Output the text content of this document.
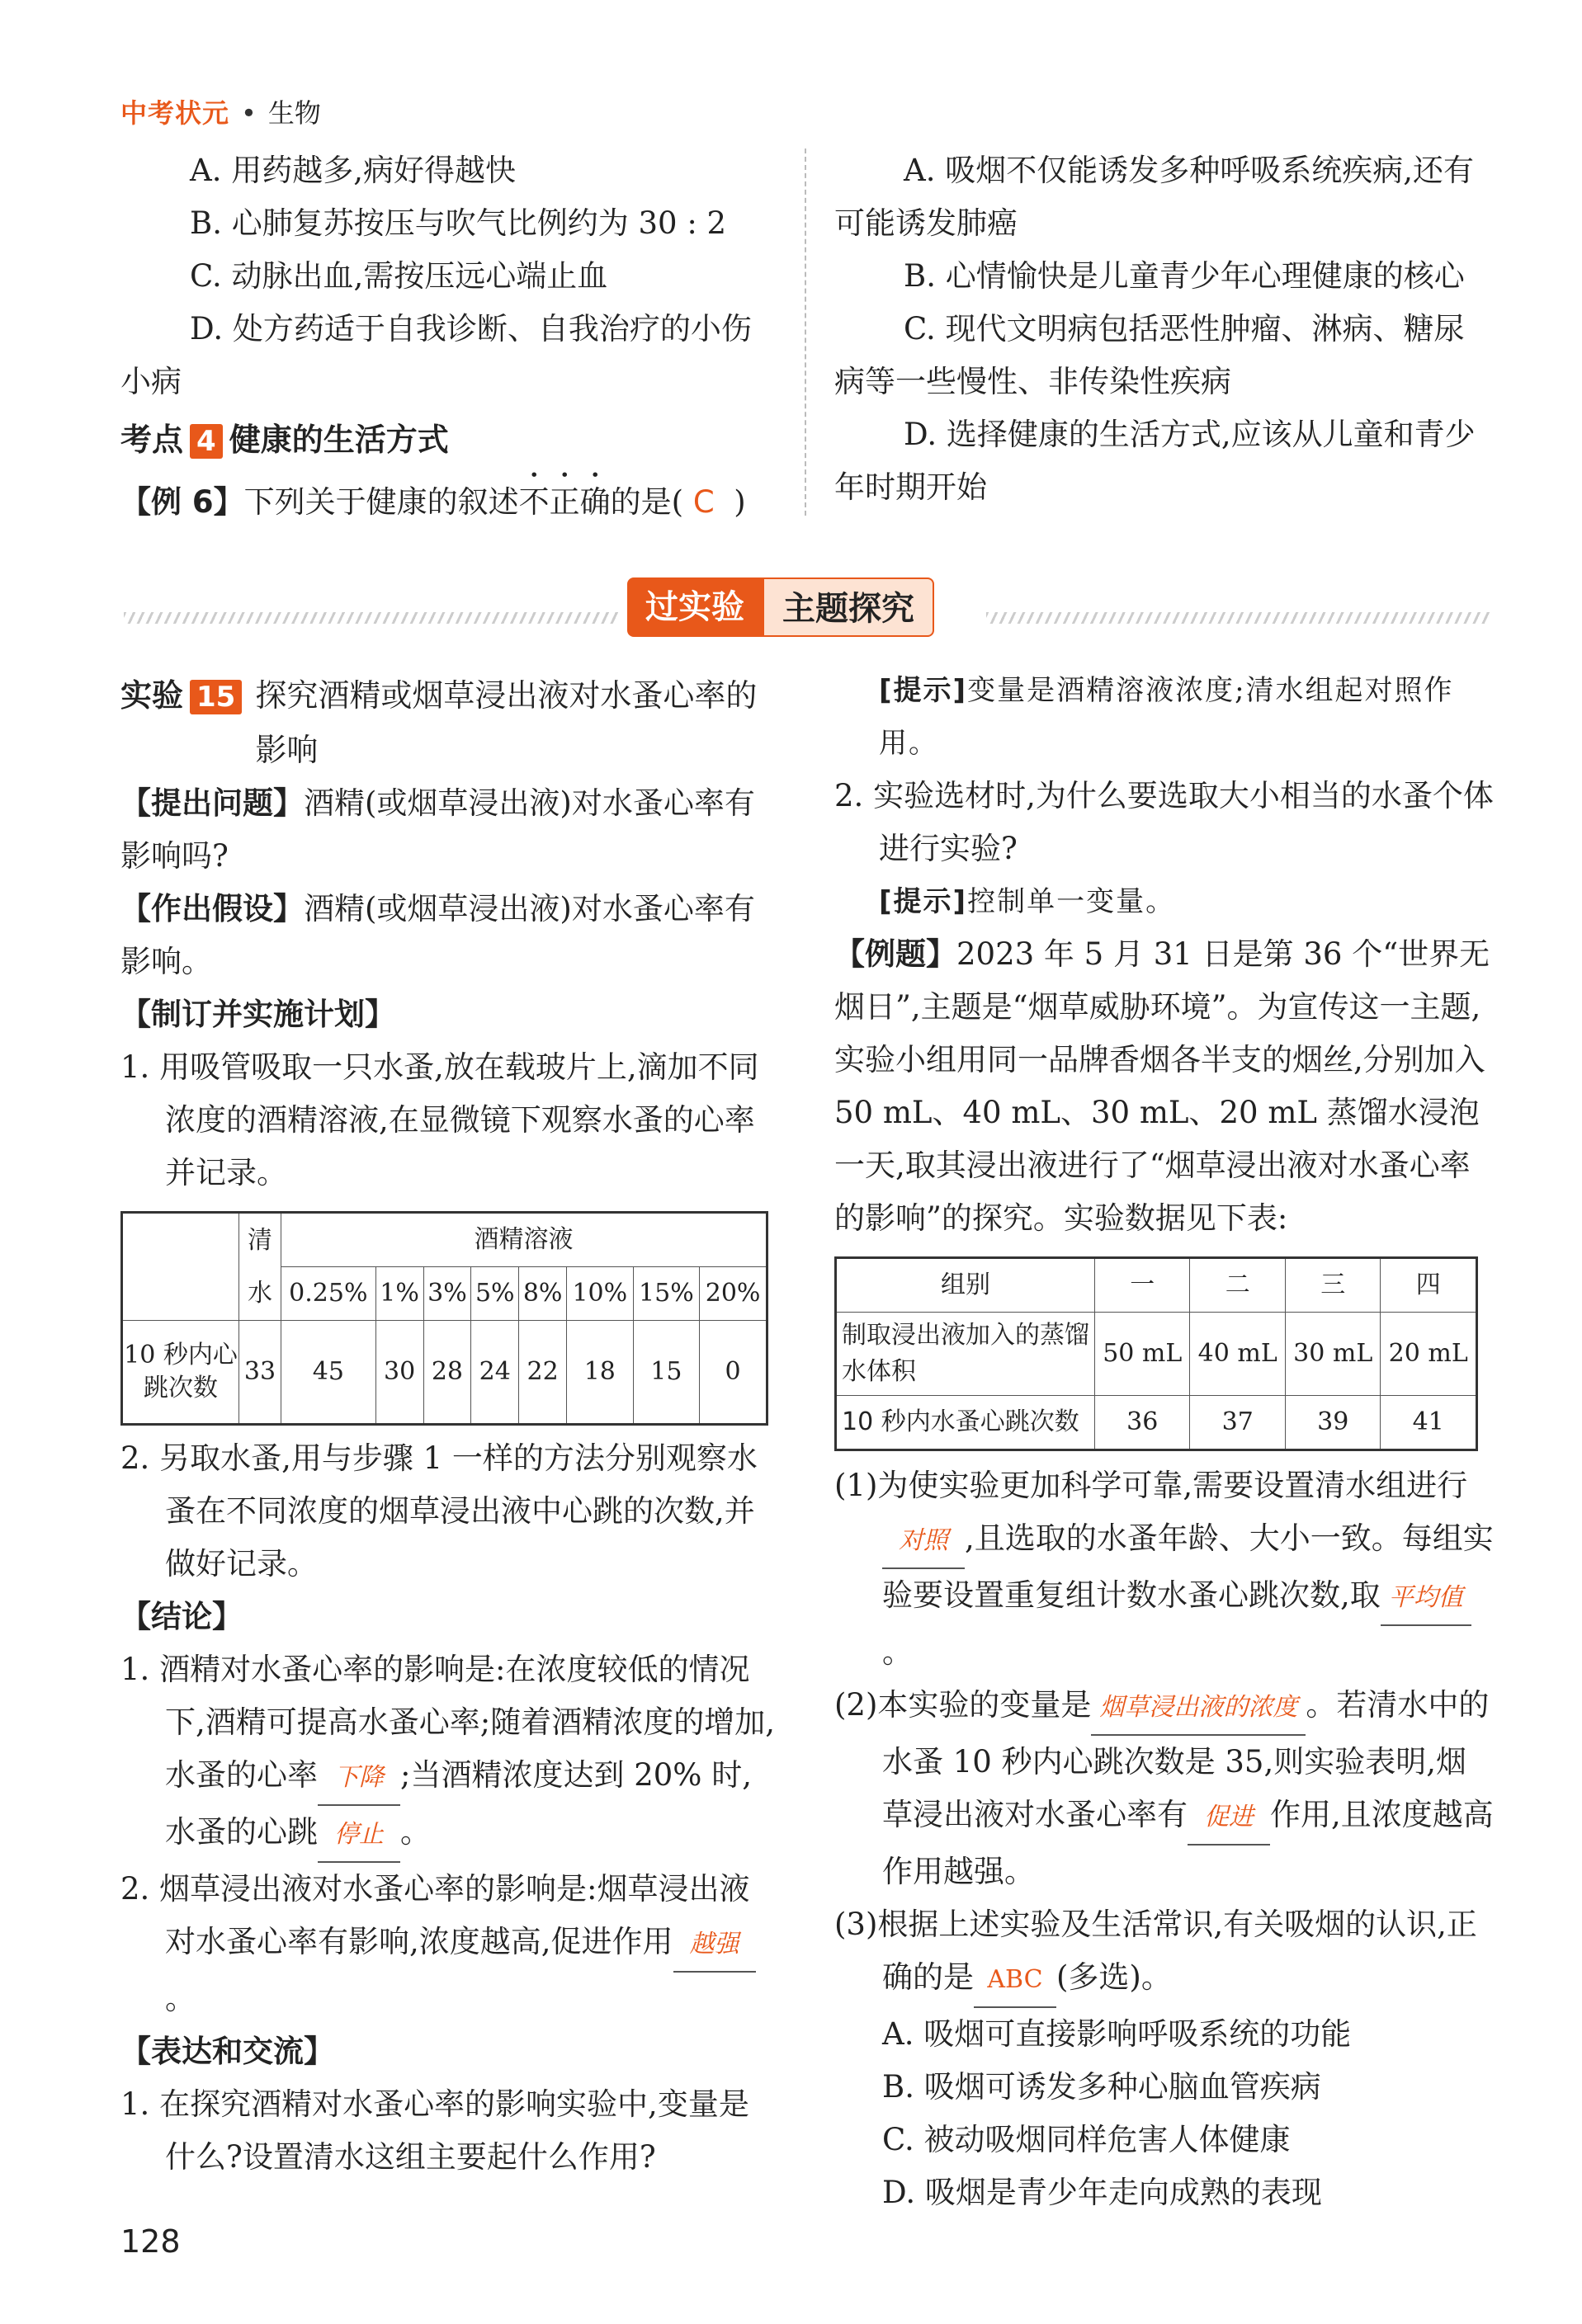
中考状元 • 生物

A. 用药越多,病好得越快

B. 心肺复苏按压与吹气比例约为 30 : 2

C. 动脉出血,需按压远心端止血

D. 处方药适于自我诊断、自我治疗的小伤小病

考点 4 健康的生活方式

【例 6】下列关于健康的叙述不正确的是( C )

A. 吸烟不仅能诱发多种呼吸系统疾病,还有可能诱发肺癌

B. 心情愉快是儿童青少年心理健康的核心

C. 现代文明病包括恶性肿瘤、淋病、糖尿病等一些慢性、非传染性疾病

D. 选择健康的生活方式,应该从儿童和青少年时期开始

过实验	主题探究
实验 15 探究酒精或烟草浸出液对水蚤心率的影响

【提出问题】酒精(或烟草浸出液)对水蚤心率有影响吗?

【作出假设】酒精(或烟草浸出液)对水蚤心率有影响。

【制订并实施计划】

1. 用吸管吸取一只水蚤,放在载玻片上,滴加不同浓度的酒精溶液,在显微镜下观察水蚤的心率并记录。

	清水	酒精溶液							
		0.25%	1%	3%	5%	8%	10%	15%	20%
10 秒内心跳次数	33	45	30	28	24	22	18	15	0

2. 另取水蚤,用与步骤 1 一样的方法分别观察水蚤在不同浓度的烟草浸出液中心跳的次数,并做好记录。

【结论】

1. 酒精对水蚤心率的影响是:在浓度较低的情况下,酒精可提高水蚤心率;随着酒精浓度的增加,水蚤的心率 下降 ;当酒精浓度达到 20% 时,水蚤的心跳 停止 。

2. 烟草浸出液对水蚤心率的影响是:烟草浸出液对水蚤心率有影响,浓度越高,促进作用 越强。

【表达和交流】

1. 在探究酒精对水蚤心率的影响实验中,变量是什么?设置清水这组主要起什么作用?

[提示]变量是酒精溶液浓度;清水组起对照作用。

2. 实验选材时,为什么要选取大小相当的水蚤个体进行实验?

[提示]控制单一变量。

【例题】2023 年 5 月 31 日是第 36 个“世界无烟日”,主题是“烟草威胁环境”。为宣传这一主题,实验小组用同一品牌香烟各半支的烟丝,分别加入 50 mL、40 mL、30 mL、20 mL 蒸馏水浸泡一天,取其浸出液进行了“烟草浸出液对水蚤心率的影响”的探究。实验数据见下表:

组别	一	二	三	四
制取浸出液加入的蒸馏水体积	50 mL	40 mL	30 mL	20 mL
10 秒内水蚤心跳次数	36	37	39	41

(1)为使实验更加科学可靠,需要设置清水组进行对照 ,且选取的水蚤年龄、大小一致。每组实验要设置重复组计数水蚤心跳次数,取 平均值。

(2)本实验的变量是 烟草浸出液的浓度 。若清水中的水蚤 10 秒内心跳次数是 35,则实验表明,烟草浸出液对水蚤心率有 促进 作用,且浓度越高作用越强。

(3)根据上述实验及生活常识,有关吸烟的认识,正确的是 ABC (多选)。

A. 吸烟可直接影响呼吸系统的功能

B. 吸烟可诱发多种心脑血管疾病

C. 被动吸烟同样危害人体健康

D. 吸烟是青少年走向成熟的表现

128
